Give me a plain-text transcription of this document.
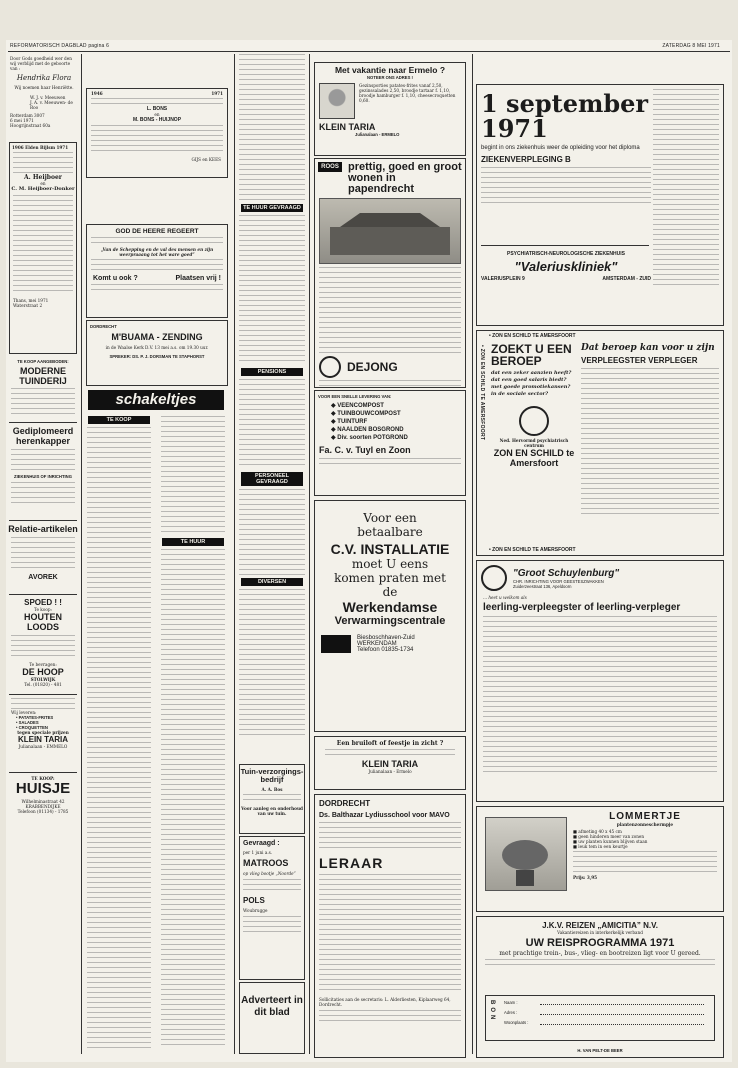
REFORMATORISCH DAGBLAD pagina 6	ZATERDAG 8 MEI 1971
Door Gods goedheid wer den wij verblijd met de geboorte van :
Hendrika Flora
Wij noemen haar Henriëtte.
W. J. v. Meeuwen
J. A. v. Meeuwen- de Roo
Rotterdam 3007
6 mei 1971
Hoogrijnstraat 60a
1906 Elden Bijlsm 1971
A. Heijboer
en
C. M. Heijboer-Donker
Thans, mei 1971
Waterstraat 2
TE KOOP AANGEBODEN:
MODERNE TUINDERIJ
Gediplomeerd herenkapper
ZIEKENHUIS OF INRICHTING
Relatie-artikelen
AVOREK
SPOED ! !
Te koop:
HOUTEN LOODS
Te bevragen:
DE HOOP
STOLWIJK
Tel. (01820) - 481
Wij leveren:
• PATATES-FRITES
• SALADES
• CROQUETTEN
tegen speciale prijzen
KLEIN TARIA
Julianalaan - EMMELO
TE KOOP:
HUISJE
Wilhelminastraat 42 KRABBENDIJKE
Telefoon (01134) - 1785
1946	1971
L. BONS
en
M. BONS - HUIJNOP
GIJS en KEES
GOD DE HEERE REGEERT
„Van de Schepping en de val des mensen en zijn weerpraaang tot het ware goed”
Komt u ook ?	Plaatsen vrij !
DORDRECHT
M'BUAMA - ZENDING
in de Waalse Kerk D.V. 13 mei a.s. om 19.30 uur.
SPREKER: DS. P. J. DORSMAN TE STAPHORST
schakeltjes
TE KOOP
TE HUUR
TE HUUR GEVRAAGD
PENSIONS
PERSONEEL GEVRAAGD
DIVERSEN
Tuin-verzorgings-bedrijf
A. A. Bos
Voor aanleg en onderhoud van uw tuin.
Gevraagd :
per 1 juni a.s.
MATROOS
op vlieg bootje „Noorde”
POLS
Woubrugge
Adverteert in dit blad
Met vakantie naar Ermelo ?
NOTEER ONS ADRES !
Gezinsporties patates-frites vanaf 2,50, gezinssalades 2,50, broodje tartaar f. 1,10, broodje hamburger f. 1,10, cheesecroquetten 0,60.
KLEIN TARIA
Julianalaan - ERMELO
ROOS prettig, goed en groot wonen in papendrecht
DEJONG
VOOR EEN SNELLE LEVERING VAN:
◆ VEENCOMPOST
◆ TUINBOUWCOMPOST
◆ TUINTURF
◆ NAALDEN BOSGROND
◆ Div. soorten POTGROND
Fa. C. v. Tuyl en Zoon
Voor een
betaalbare
C.V. INSTALLATIE
moet U eens
komen praten met
de
Werkendamse
Verwarmingscentrale
Biesboschhaven-Zuid
WERKENDAM
Telefoon 01835-1734
Een bruiloft of feestje in zicht ?
KLEIN TARIA
Julianalaan - Ermelo
DORDRECHT
Ds. Balthazar Lydiusschool voor MAVO
LERAAR
Sollicitaties aan de secretaris: L. Alderliesten, Kiplaarweg 64, Dordrecht.
1 september
1971
begint in ons ziekenhuis weer de opleiding voor het diploma
ZIEKENVERPLEGING B
PSYCHIATRISCH-NEUROLOGISCHE ZIEKENHUIS
"Valeriuskliniek"
VALERIUSPLEIN 9	AMSTERDAM - ZUID
• ZON EN SCHILD TE AMERSFOORT
• ZON EN SCHILD TE AMERSFOORT
• ZON EN SCHILD TE AMERSFOORT
ZOEKT U EEN BEROEP
dat een zeker aanzien heeft? dat een goed salaris biedt? met goede promotiekansen? in de sociale sector?
Ned. Hervormd psychiatrisch centrum
ZON EN SCHILD te Amersfoort
Dat beroep kan voor u zijn
VERPLEEGSTER VERPLEGER
"Groot Schuylenburg"
CHR. INRICHTING VOOR GEESTESZWAKKEN
Zuiderzeestraat 136, Apeldoorn
... heet u welkom als
leerling-verpleegster of leerling-verpleger
LOMMERTJE
plantenzonneschermpje
■ afmeting 40 x 45 cm
■ geen hinderen meer van zonen
■ uw planten kunnen blijven staan
■ leuk tem in een keurtje
Prijs: 3,95
J.K.V. REIZEN „AMICITIA” N.V.
Vakantiereizen in interkerkelijk verband
UW REISPROGRAMMA 1971
met prachtige trein-, bus-, vlieg- en bootreizen ligt voor U gereed.
BON Naam :
Adres :
Woonplaats :
H. VAN PELT-DE BEER
